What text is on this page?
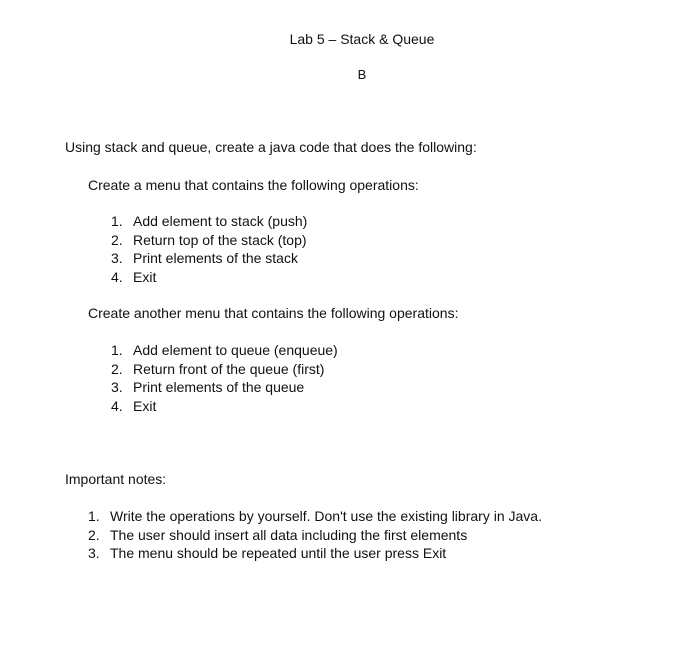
Lab 5 – Stack & Queue
B
Using stack and queue, create a java code that does the following:
Create a menu that contains the following operations:
1. Add element to stack (push)
2. Return top of the stack (top)
3. Print elements of the stack
4. Exit
Create another menu that contains the following operations:
1. Add element to queue (enqueue)
2. Return front of the queue (first)
3. Print elements of the queue
4. Exit
Important notes:
1. Write the operations by yourself. Don't use the existing library in Java.
2. The user should insert all data including the first elements
3. The menu should be repeated until the user press Exit
